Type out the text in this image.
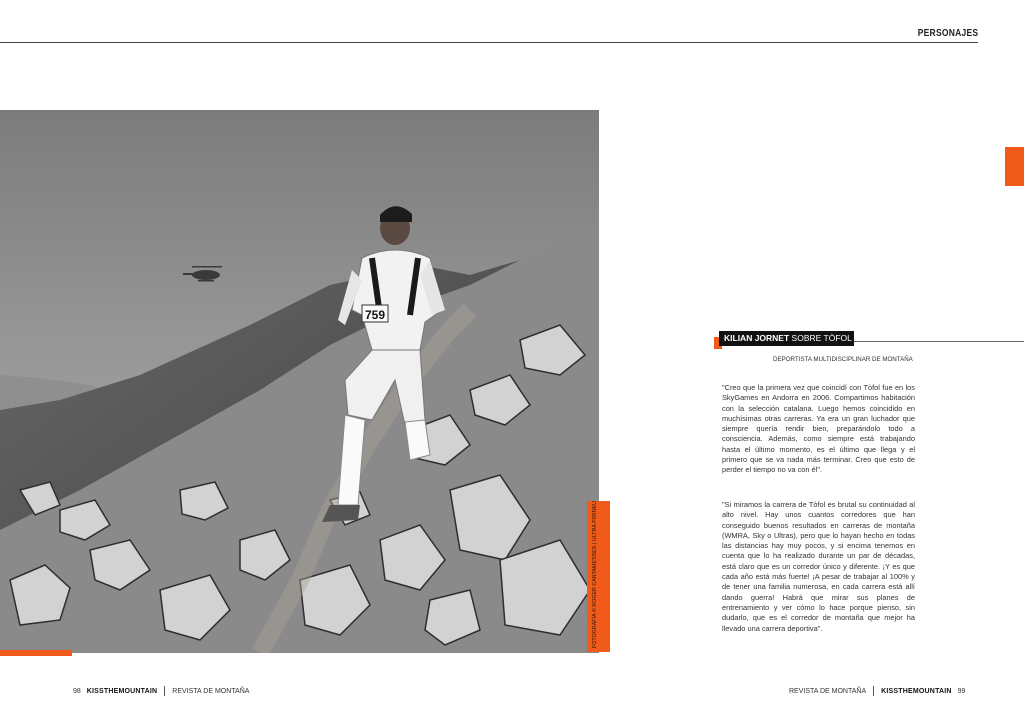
PERSONAJES
759
FOTOGRAFÍA © ROGER CANTAMESSES | ULTRA PIRINEU
KILIAN JORNET SOBRE TÒFOL
DEPORTISTA MULTIDISCIPLINAR DE MONTAÑA
"Creo que la primera vez que coincidí con Tòfol fue en los SkyGames en Andorra en 2006. Compartimos habitación con la selección catalana. Luego hemos coincidido en muchísimas otras carreras. Ya era un gran luchador que siempre quería rendir bien, preparándolo todo a consciencia. Además, como siempre está trabajando hasta el último momento, es el último que llega y el primero que se va nada más terminar. Creo que esto de perder el tiempo no va con él".
"Si miramos la carrera de Tòfol es brutal su continuidad al alto nivel. Hay unos cuantos corredores que han conseguido buenos resultados en carreras de montaña (WMRA, Sky o Ultras), pero que lo hayan hecho en todas las distancias hay muy pocos, y si encima tenemos en cuenta que lo ha realizado durante un par de décadas, está claro que es un corredor único y diferente. ¡Y es que cada año está más fuerte! ¡A pesar de trabajar al 100% y de tener una familia numerosa, en cada carrera está allí dando guerra! Habrá que mirar sus planes de entrenamiento y ver cómo lo hace porque pienso, sin dudarlo, que es el corredor de montaña que mejor ha llevado una carrera deportiva".
98 KISSTHEMOUNTAIN REVISTA DE MONTAÑA	REVISTA DE MONTAÑA KISSTHEMOUNTAIN 99
